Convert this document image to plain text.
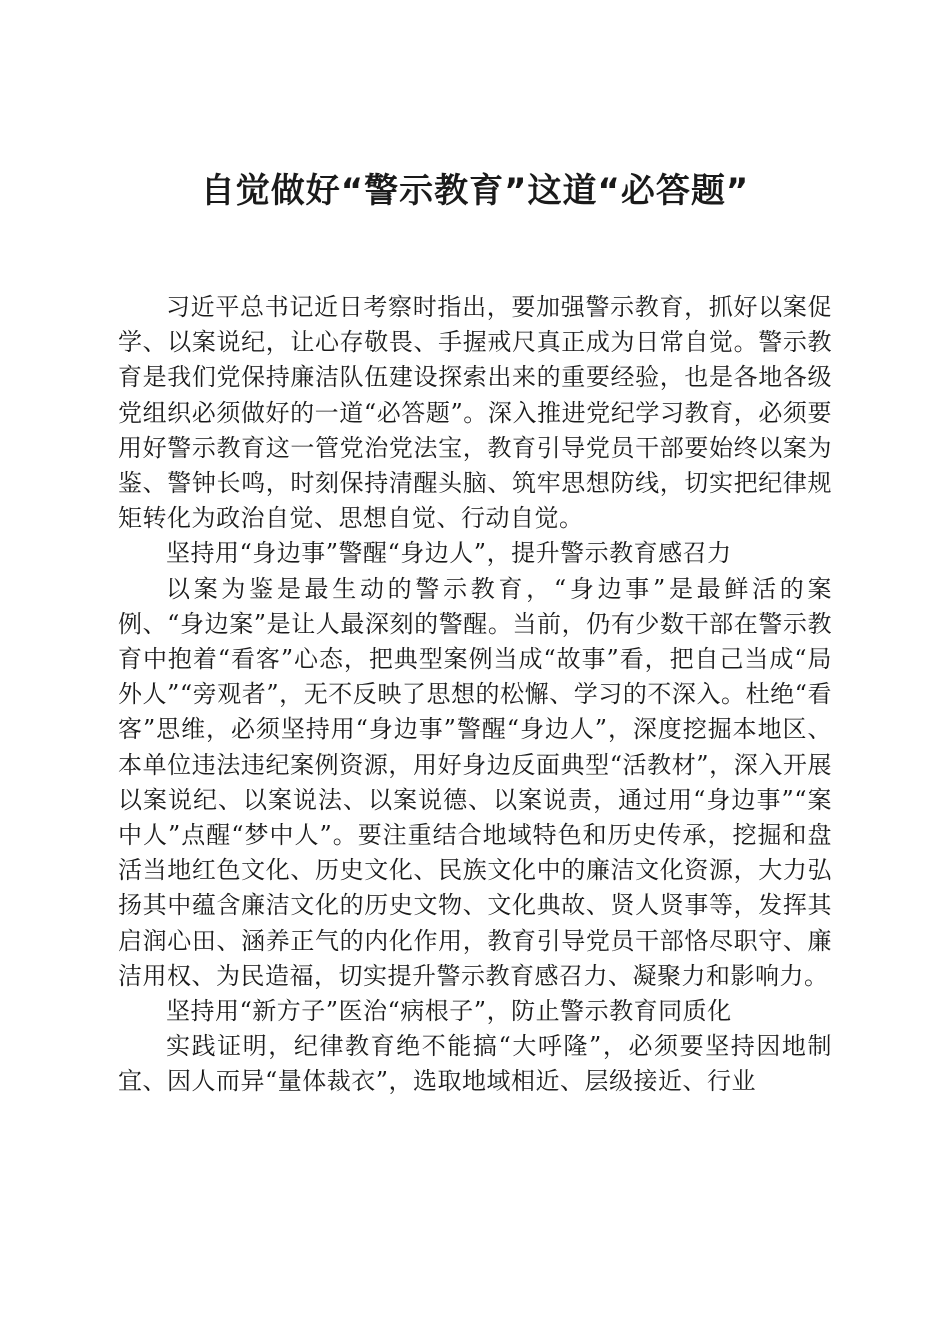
自觉做好“警示教育”这道“必答题”

习近平总书记近日考察时指出，要加强警示教育，抓好以案促学、以案说纪，让心存敬畏、手握戒尺真正成为日常自觉。警示教育是我们党保持廉洁队伍建设探索出来的重要经验，也是各地各级党组织必须做好的一道“必答题”。深入推进党纪学习教育，必须要用好警示教育这一管党治党法宝，教育引导党员干部要始终以案为鉴、警钟长鸣，时刻保持清醒头脑、筑牢思想防线，切实把纪律规矩转化为政治自觉、思想自觉、行动自觉。

坚持用“身边事”警醒“身边人”，提升警示教育感召力

以案为鉴是最生动的警示教育，“身边事”是最鲜活的案例、“身边案”是让人最深刻的警醒。当前，仍有少数干部在警示教育中抱着“看客”心态，把典型案例当成“故事”看，把自己当成“局外人”“旁观者”，无不反映了思想的松懈、学习的不深入。杜绝“看客”思维，必须坚持用“身边事”警醒“身边人”，深度挖掘本地区、本单位违法违纪案例资源，用好身边反面典型“活教材”，深入开展以案说纪、以案说法、以案说德、以案说责，通过用“身边事”“案中人”点醒“梦中人”。要注重结合地域特色和历史传承，挖掘和盘活当地红色文化、历史文化、民族文化中的廉洁文化资源，大力弘扬其中蕴含廉洁文化的历史文物、文化典故、贤人贤事等，发挥其启润心田、涵养正气的内化作用，教育引导党员干部恪尽职守、廉洁用权、为民造福，切实提升警示教育感召力、凝聚力和影响力。

坚持用“新方子”医治“病根子”，防止警示教育同质化

实践证明，纪律教育绝不能搞“大呼隆”，必须要坚持因地制宜、因人而异“量体裁衣”，选取地域相近、层级接近、行业
